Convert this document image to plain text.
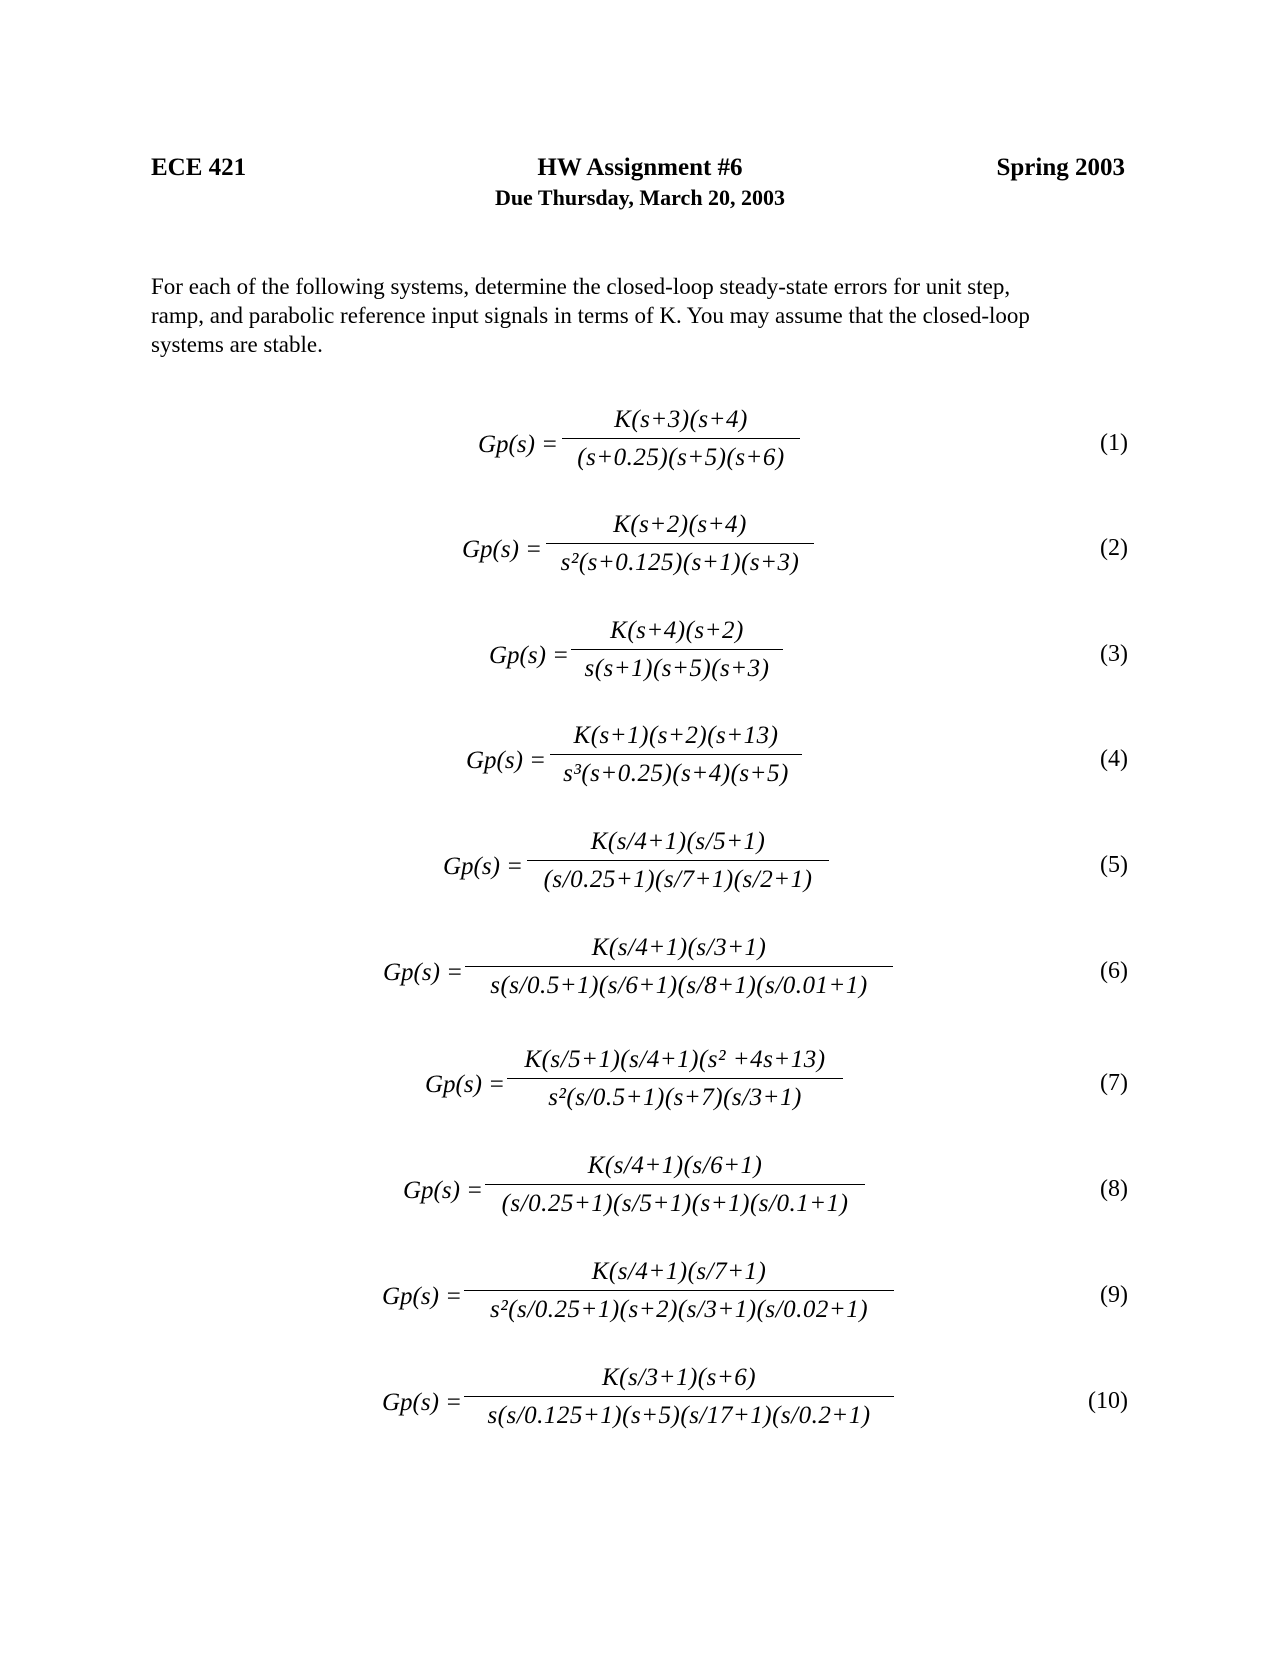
ECE 421	HW Assignment #6	Spring 2003
Due Thursday, March 20, 2003
For each of the following systems, determine the closed-loop steady-state errors for unit step,
ramp, and parabolic reference input signals in terms of K. You may assume that the closed-loop
systems are stable.
Gp(s) =
K(s+3)(s+4)
(s+0.25)(s+5)(s+6)
(1)
Gp(s) =
K(s+2)(s+4)
s²(s+0.125)(s+1)(s+3)
(2)
Gp(s) =
K(s+4)(s+2)
s(s+1)(s+5)(s+3)
(3)
Gp(s) =
K(s+1)(s+2)(s+13)
s³(s+0.25)(s+4)(s+5)
(4)
Gp(s) =
K(s/4+1)(s/5+1)
(s/0.25+1)(s/7+1)(s/2+1)
(5)
Gp(s) =
K(s/4+1)(s/3+1)
s(s/0.5+1)(s/6+1)(s/8+1)(s/0.01+1)
(6)
Gp(s) =
K(s/5+1)(s/4+1)(s² +4s+13)
s²(s/0.5+1)(s+7)(s/3+1)
(7)
Gp(s) =
K(s/4+1)(s/6+1)
(s/0.25+1)(s/5+1)(s+1)(s/0.1+1)
(8)
Gp(s) =
K(s/4+1)(s/7+1)
s²(s/0.25+1)(s+2)(s/3+1)(s/0.02+1)
(9)
Gp(s) =
K(s/3+1)(s+6)
s(s/0.125+1)(s+5)(s/17+1)(s/0.2+1)
(10)
